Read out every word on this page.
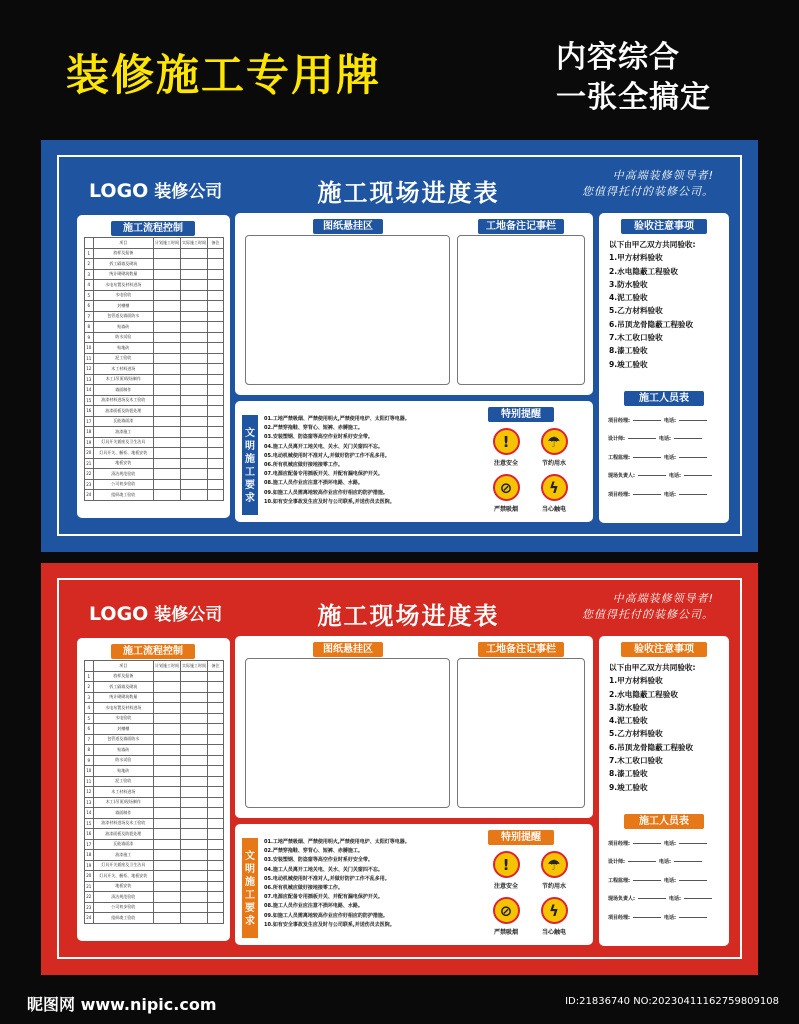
装修施工专用牌	内容综合
一张全搞定
LOGO 装修公司	施工现场进度表
中高端装修领导者!
您值得托付的装修公司。
施工流程控制
	项目	计划施工时间	实际施工时间	备注
1	放样及报备			
2	拆工隔墙及砌筑			
3	统计砌砌筑数量			
4	水电布置及材料进场			
5	水电验收			
6	封槽槽			
7	包管道及墙面防水			
8	贴墙砖			
9	防水试验			
10	贴地砖			
11	泥工验收			
12	木工材料进场			
13	木工(吊顶)现场制作			
14	墙面制作			
15	油漆材料进场及木工验收			
16	油漆面板及防裂处理			
17	瓦能墙面漆			
18	油漆施工			
19	灯具开关插座及卫生洁具			
20	灯具开关、橱柜、地板安装			
21	地板安装			
22	清洁规范验收			
23	公司初步验收			
24	组织竣工验收			
图纸悬挂区	工地备注记事栏
文明施工要求
01.工地严禁吸烟、严禁使用明火,严禁使用电炉、太阳灯等电器。
02.严禁穿拖鞋、穿背心、短裤、赤膊施工。
03.安装塑钢、防盗窗等高空作业时系好安全带。
04.施工人员离开工地关电、关水、关门关窗四不忘。
05.电动机械使用时不准对人,并做好防护工作不乱多用。
06.所有机械应做好接地接零工作。
07.电源应配备专用插板开关、并配有漏电保护开关。
08.施工人员作业应注意不损坏电路、水路。
09.如施工人员需离地较高作业应作好相应的防护措施。
10.如有安全事故发生应及时与公司联系,并送伤员去医院。
特别提醒
!
注意安全
☂
节约用水
⊘
严禁吸烟
ϟ
当心触电
验收注意事项
以下由甲乙双方共同验收:
1.甲方材料验收
2.水电隐蔽工程验收
3.防水验收
4.泥工验收
5.乙方材料验收
6.吊顶龙骨隐蔽工程验收
7.木工收口验收
8.漆工验收
9.竣工验收
施工人员表
项目经理:	电话:
设计师:	电话:
工程监理:	电话:
现场负责人:	电话:
项目经理:	电话:
LOGO 装修公司	施工现场进度表
中高端装修领导者!
您值得托付的装修公司。
施工流程控制
	项目	计划施工时间	实际施工时间	备注
1	放样及报备			
2	拆工隔墙及砌筑			
3	统计砌砌筑数量			
4	水电布置及材料进场			
5	水电验收			
6	封槽槽			
7	包管道及墙面防水			
8	贴墙砖			
9	防水试验			
10	贴地砖			
11	泥工验收			
12	木工材料进场			
13	木工(吊顶)现场制作			
14	墙面制作			
15	油漆材料进场及木工验收			
16	油漆面板及防裂处理			
17	瓦能墙面漆			
18	油漆施工			
19	灯具开关插座及卫生洁具			
20	灯具开关、橱柜、地板安装			
21	地板安装			
22	清洁规范验收			
23	公司初步验收			
24	组织竣工验收			
图纸悬挂区	工地备注记事栏
文明施工要求
01.工地严禁吸烟、严禁使用明火,严禁使用电炉、太阳灯等电器。
02.严禁穿拖鞋、穿背心、短裤、赤膊施工。
03.安装塑钢、防盗窗等高空作业时系好安全带。
04.施工人员离开工地关电、关水、关门关窗四不忘。
05.电动机械使用时不准对人,并做好防护工作不乱多用。
06.所有机械应做好接地接零工作。
07.电源应配备专用插板开关、并配有漏电保护开关。
08.施工人员作业应注意不损坏电路、水路。
09.如施工人员需离地较高作业应作好相应的防护措施。
10.如有安全事故发生应及时与公司联系,并送伤员去医院。
特别提醒
!
注意安全
☂
节约用水
⊘
严禁吸烟
ϟ
当心触电
验收注意事项
以下由甲乙双方共同验收:
1.甲方材料验收
2.水电隐蔽工程验收
3.防水验收
4.泥工验收
5.乙方材料验收
6.吊顶龙骨隐蔽工程验收
7.木工收口验收
8.漆工验收
9.竣工验收
施工人员表
项目经理:	电话:
设计师:	电话:
工程监理:	电话:
现场负责人:	电话:
项目经理:	电话:
昵图网 www.nipic.com	ID:21836740 NO:20230411162759809108
